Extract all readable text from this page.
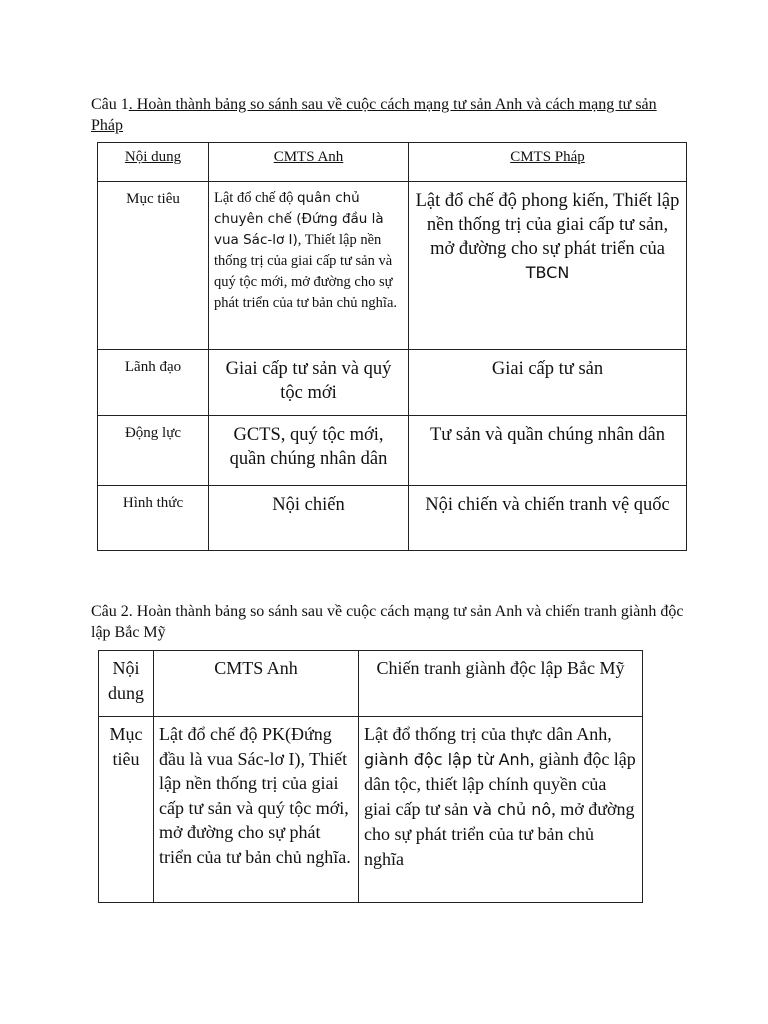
Câu 1. Hoàn thành bảng so sánh sau về cuộc cách mạng tư sản Anh và cách mạng tư sản Pháp
Nội dung	CMTS Anh	CMTS Pháp
Mục tiêu	Lật đổ chế độ quân chủ chuyên chế (Đứng đầu là vua Sác-lơ I), Thiết lập nền thống trị của giai cấp tư sản và quý tộc mới, mở đường cho sự phát triển của tư bản chủ nghĩa.	Lật đổ chế độ phong kiến, Thiết lập nền thống trị của giai cấp tư sản, mở đường cho sự phát triển của TBCN
Lãnh đạo	Giai cấp tư sản và quý tộc mới	Giai cấp tư sản
Động lực	GCTS, quý tộc mới, quần chúng nhân dân	Tư sản và quần chúng nhân dân
Hình thức	Nội chiến	Nội chiến và chiến tranh vệ quốc
Câu 2. Hoàn thành bảng so sánh sau về cuộc cách mạng tư sản Anh và chiến tranh giành độc lập Bắc Mỹ
Nội dung	CMTS Anh	Chiến tranh giành độc lập Bắc Mỹ
Mục tiêu	Lật đổ chế độ PK(Đứng đầu là vua Sác-lơ I), Thiết lập nền thống trị của giai cấp tư sản và quý tộc mới, mở đường cho sự phát triển của tư bản chủ nghĩa.	Lật đổ thống trị của thực dân Anh, giành độc lập từ Anh, giành độc lập dân tộc, thiết lập chính quyền của giai cấp tư sản và chủ nô, mở đường cho sự phát triển của tư bản chủ nghĩa
